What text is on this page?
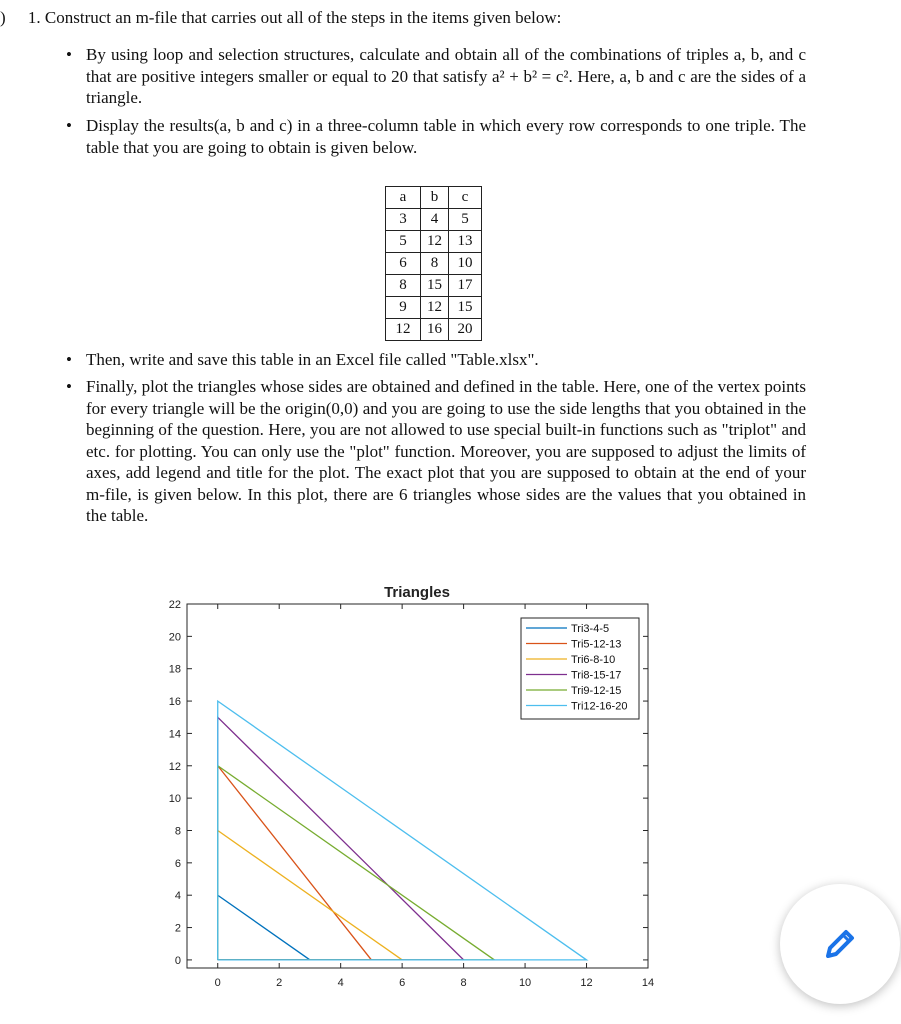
) 1. Construct an m-file that carries out all of the steps in the items given below:
• By using loop and selection structures, calculate and obtain all of the combinations of triples a, b, and c that are positive integers smaller or equal to 20 that satisfy a² + b² = c². Here, a, b and c are the sides of a triangle.

• Display the results(a, b and c) in a three-column table in which every row corresponds to one triple. The table that you are going to obtain is given below.

a	b	c
3	4	5
5	12	13
6	8	10
8	15	17
9	12	15
12	16	20
• Then, write and save this table in an Excel file called "Table.xlsx".

• Finally, plot the triangles whose sides are obtained and defined in the table. Here, one of the vertex points for every triangle will be the origin(0,0) and you are going to use the side lengths that you obtained in the beginning of the question. Here, you are not allowed to use special built-in functions such as "triplot" and etc. for plotting. You can only use the "plot" function. Moreover, you are supposed to adjust the limits of axes, add legend and title for the plot. The exact plot that you are supposed to obtain at the end of your m-file, is given below. In this plot, there are 6 triangles whose sides are the values that you obtained in the table.

Triangles
0	2	4	6	8	10	12	14
0
2
4
6
8
10
12
14
16
18
20
22
Tri3-4-5
Tri5-12-13
Tri6-8-10
Tri8-15-17
Tri9-12-15
Tri12-16-20
